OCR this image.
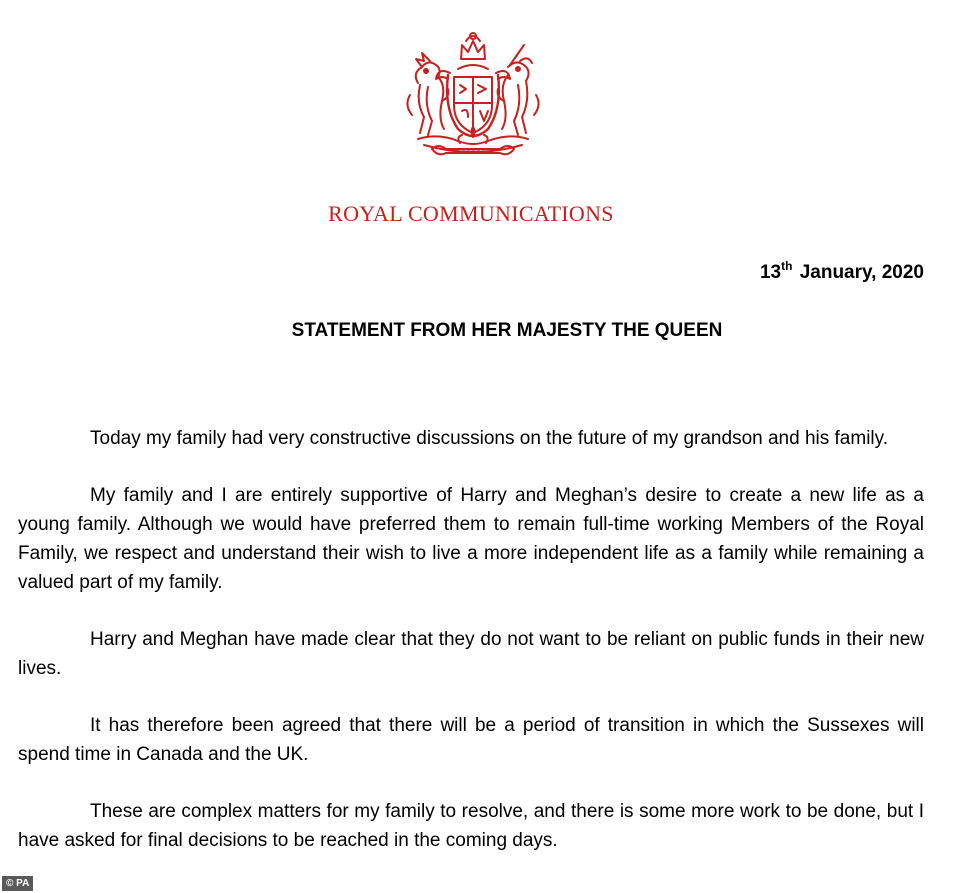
ROYAL COMMUNICATIONS
13th January, 2020
STATEMENT FROM HER MAJESTY THE QUEEN

Today my family had very constructive discussions on the future of my grandson and his family.

My family and I are entirely supportive of Harry and Meghan’s desire to create a new life as a young family. Although we would have preferred them to remain full-time working Members of the Royal Family, we respect and understand their wish to live a more independent life as a family while remaining a valued part of my family.

Harry and Meghan have made clear that they do not want to be reliant on public funds in their new lives.

It has therefore been agreed that there will be a period of transition in which the Sussexes will spend time in Canada and the UK.

These are complex matters for my family to resolve, and there is some more work to be done, but I have asked for final decisions to be reached in the coming days.

© PA
